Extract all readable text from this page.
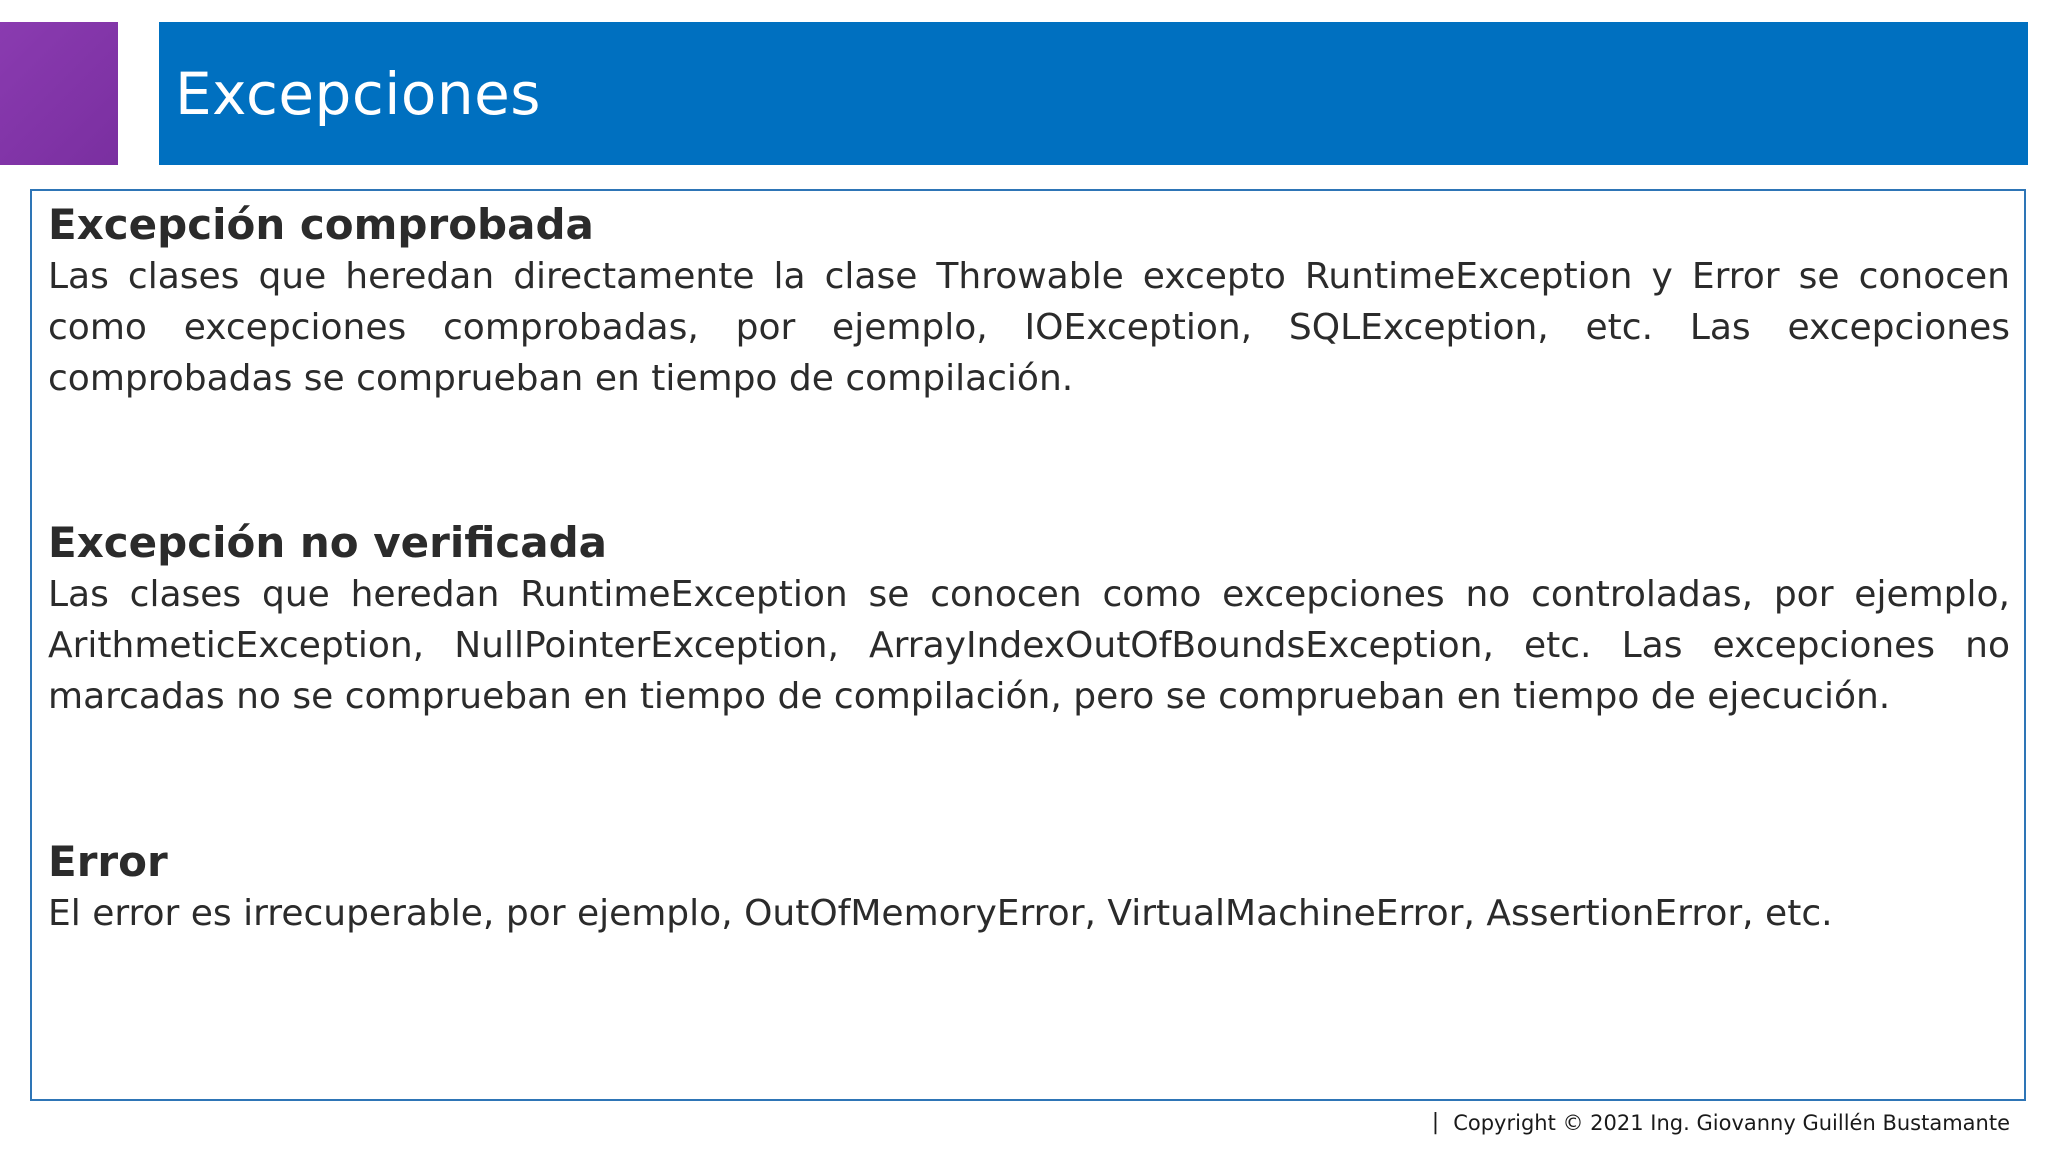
Excepciones

Excepción comprobada

Las clases que heredan directamente la clase Throwable excepto RuntimeException y Error se conocen como excepciones comprobadas, por ejemplo, IOException, SQLException, etc. Las excepciones comprobadas se comprueban en tiempo de compilación.

Excepción no verificada

Las clases que heredan RuntimeException se conocen como excepciones no controladas, por ejemplo, ArithmeticException, NullPointerException, ArrayIndexOutOfBoundsException, etc. Las excepciones no marcadas no se comprueban en tiempo de compilación, pero se comprueban en tiempo de ejecución.

Error

El error es irrecuperable, por ejemplo, OutOfMemoryError, VirtualMachineError, AssertionError, etc.

| Copyright © 2021 Ing. Giovanny Guillén Bustamante
